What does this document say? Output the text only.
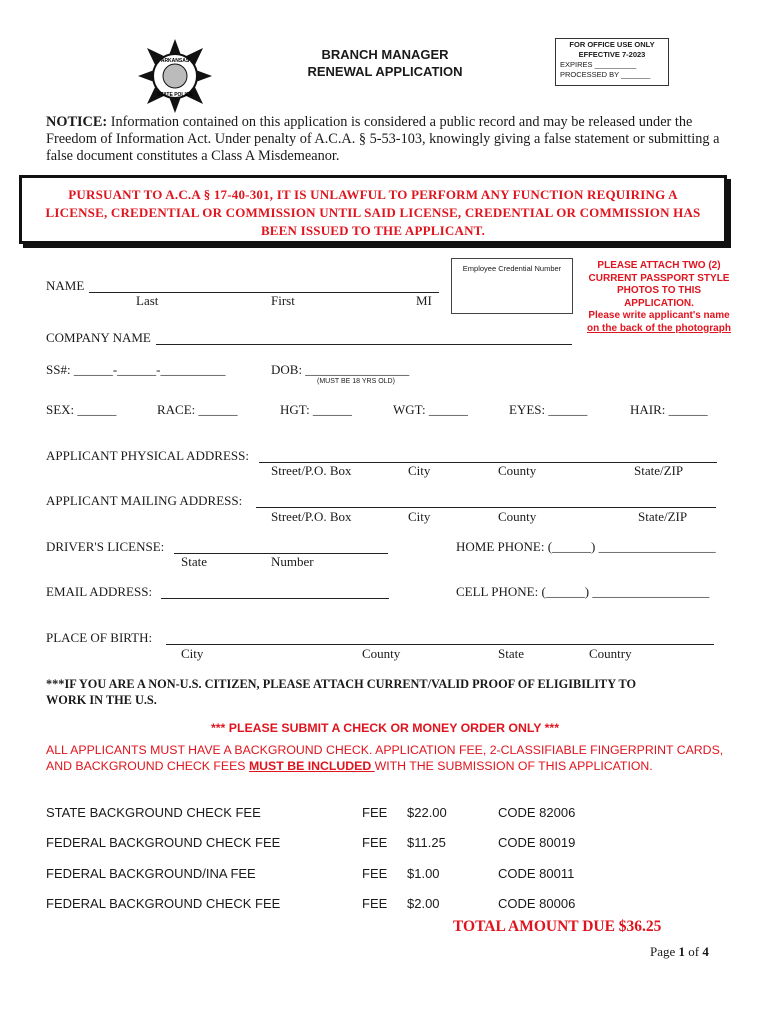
ARKANSAS
STATE POLICE
BRANCH MANAGER
RENEWAL APPLICATION
FOR OFFICE USE ONLY
EFFECTIVE 7-2023
EXPIRES __________
PROCESSED BY _______
NOTICE: Information contained on this application is considered a public record and may be released under the Freedom of Information Act. Under penalty of A.C.A. § 5-53-103, knowingly giving a false statement or submitting a false document constitutes a Class A Misdemeanor.
PURSUANT TO A.C.A § 17-40-301, IT IS UNLAWFUL TO PERFORM ANY FUNCTION REQUIRING A
LICENSE, CREDENTIAL OR COMMISSION UNTIL SAID LICENSE, CREDENTIAL OR COMMISSION HAS
BEEN ISSUED TO THE APPLICANT.
Employee Credential Number	PLEASE ATTACH TWO (2)
CURRENT PASSPORT STYLE
PHOTOS TO THIS
APPLICATION.
Please write applicant's name
on the back of the photograph
NAME
Last	First	MI
COMPANY NAME
SS#: ______-______-__________	DOB: ________________
(MUST BE 18 YRS OLD)
SEX: ______	RACE: ______	HGT: ______	WGT: ______	EYES: ______	HAIR: ______
APPLICANT PHYSICAL ADDRESS:
Street/P.O. Box	City	County	State/ZIP
APPLICANT MAILING ADDRESS:
Street/P.O. Box	City	County	State/ZIP
DRIVER'S LICENSE:
State	Number
HOME PHONE: (______) __________________
EMAIL ADDRESS:	CELL PHONE: (______) __________________
PLACE OF BIRTH:
City	County	State	Country
***IF YOU ARE A NON-U.S. CITIZEN, PLEASE ATTACH CURRENT/VALID PROOF OF ELIGIBILITY TO
WORK IN THE U.S.
*** PLEASE SUBMIT A CHECK OR MONEY ORDER ONLY ***
ALL APPLICANTS MUST HAVE A BACKGROUND CHECK. APPLICATION FEE, 2-CLASSIFIABLE FINGERPRINT CARDS, AND BACKGROUND CHECK FEES MUST BE INCLUDED WITH THE SUBMISSION OF THIS APPLICATION.
STATE BACKGROUND CHECK FEE	FEE $22.00	CODE 82006
FEDERAL BACKGROUND CHECK FEE	FEE $11.25	CODE 80019
FEDERAL BACKGROUND/INA FEE	FEE $1.00	CODE 80011
FEDERAL BACKGROUND CHECK FEE	FEE $2.00	CODE 80006
TOTAL AMOUNT DUE $36.25
Page 1 of 4
